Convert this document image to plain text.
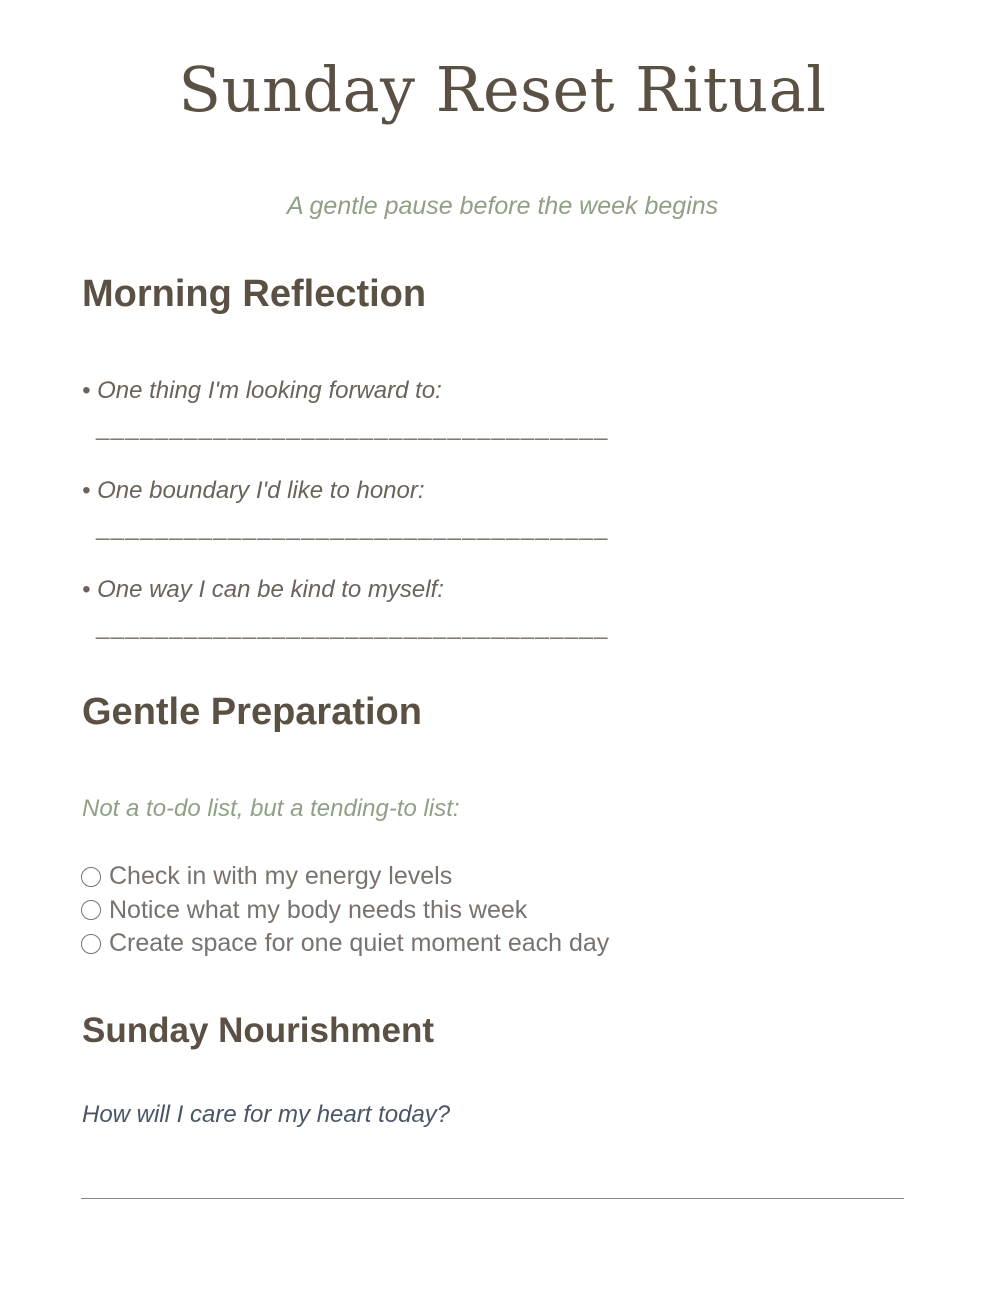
Sunday Reset Ritual

A gentle pause before the week begins

Morning Reflection

• One thing I'm looking forward to:

___________________________________

• One boundary I'd like to honor:

___________________________________

• One way I can be kind to myself:

___________________________________

Gentle Preparation

Not a to-do list, but a tending-to list:

Check in with my energy levels
Notice what my body needs this week
Create space for one quiet moment each day
Sunday Nourishment

How will I care for my heart today?
